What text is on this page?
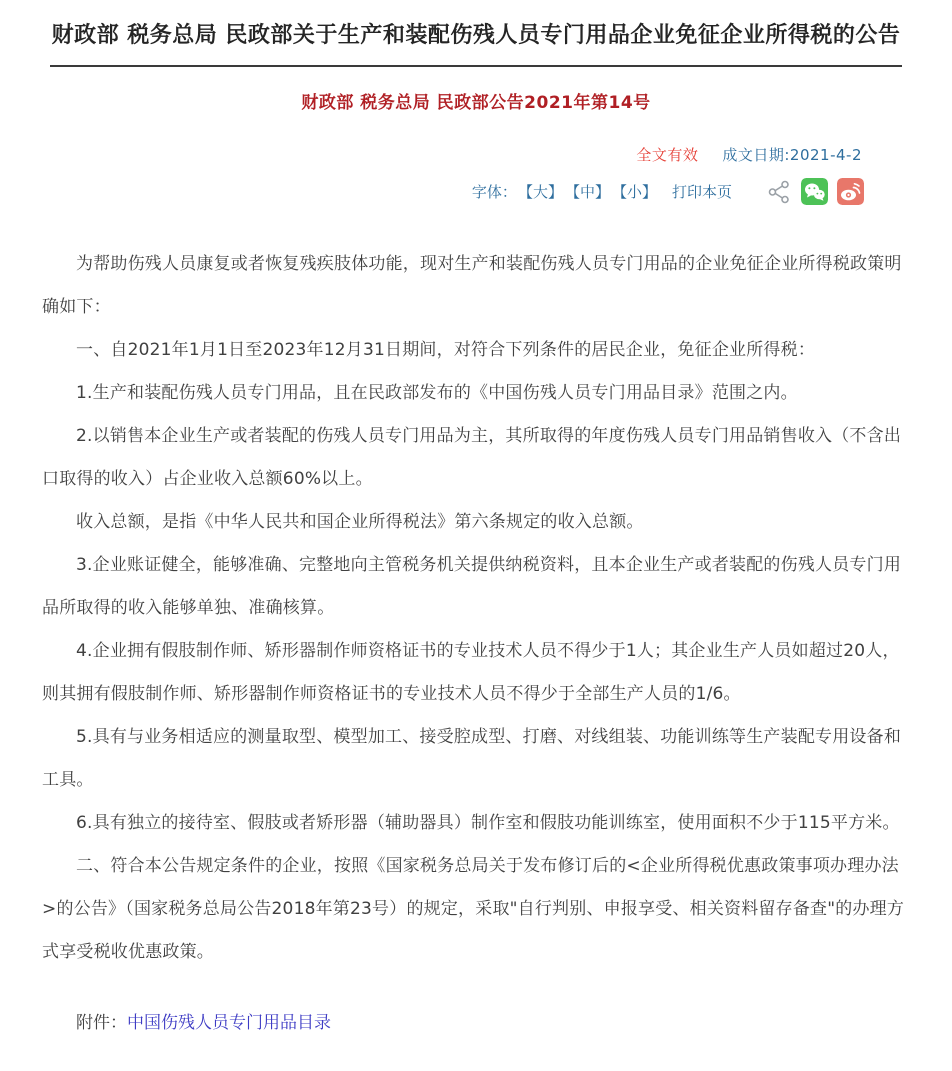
财政部 税务总局 民政部关于生产和装配伤残人员专门用品企业免征企业所得税的公告
财政部 税务总局 民政部公告2021年第14号
全文有效 成文日期:2021-4-2
字体： 【大】 【中】 【小】 打印本页

为帮助伤残人员康复或者恢复残疾肢体功能，现对生产和装配伤残人员专门用品的企业免征企业所得税政策明确如下：

一、自2021年1月1日至2023年12月31日期间，对符合下列条件的居民企业，免征企业所得税：

1.生产和装配伤残人员专门用品，且在民政部发布的《中国伤残人员专门用品目录》范围之内。

2.以销售本企业生产或者装配的伤残人员专门用品为主，其所取得的年度伤残人员专门用品销售收入（不含出口取得的收入）占企业收入总额60%以上。

收入总额，是指《中华人民共和国企业所得税法》第六条规定的收入总额。

3.企业账证健全，能够准确、完整地向主管税务机关提供纳税资料，且本企业生产或者装配的伤残人员专门用品所取得的收入能够单独、准确核算。

4.企业拥有假肢制作师、矫形器制作师资格证书的专业技术人员不得少于1人；其企业生产人员如超过20人，则其拥有假肢制作师、矫形器制作师资格证书的专业技术人员不得少于全部生产人员的1/6。

5.具有与业务相适应的测量取型、模型加工、接受腔成型、打磨、对线组装、功能训练等生产装配专用设备和工具。

6.具有独立的接待室、假肢或者矫形器（辅助器具）制作室和假肢功能训练室，使用面积不少于115平方米。

二、符合本公告规定条件的企业，按照《国家税务总局关于发布修订后的<企业所得税优惠政策事项办理办法>的公告》（国家税务总局公告2018年第23号）的规定，采取"自行判别、申报享受、相关资料留存备查"的办理方式享受税收优惠政策。

附件：中国伤残人员专门用品目录
